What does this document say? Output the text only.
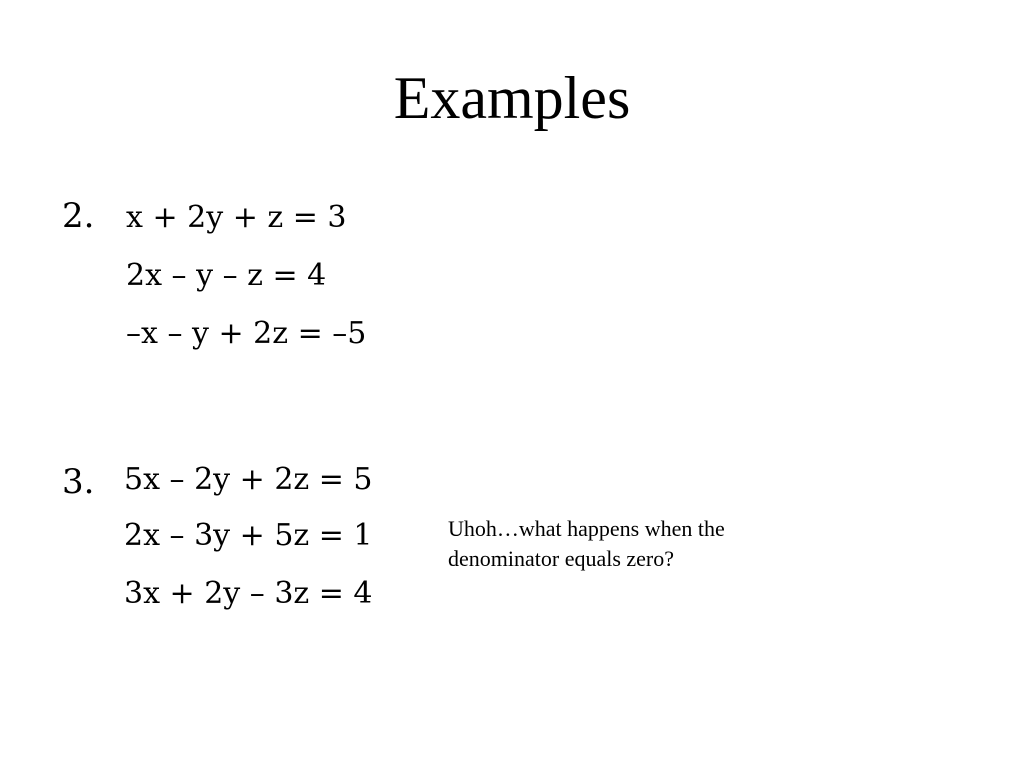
Examples
2. x + 2y + z = 3
2x – y – z = 4
–x – y + 2z = –5
3. 5x – 2y + 2z = 5
2x – 3y + 5z = 1
3x + 2y – 3z = 4
Uhoh…what happens when the denominator equals zero?
